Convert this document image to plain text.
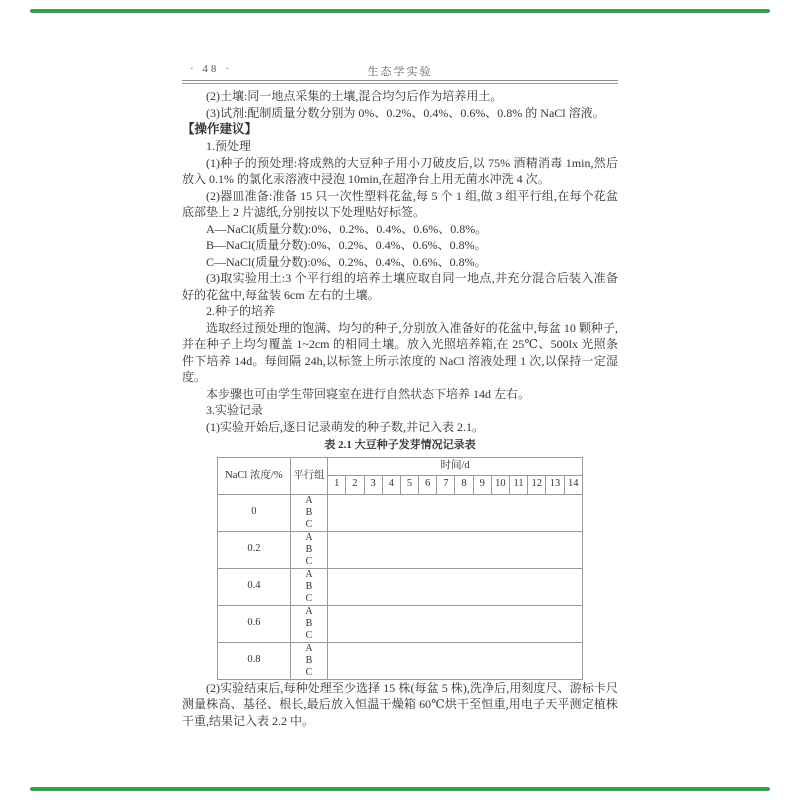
· 48 ·	生态学实验

(2)土壤:同一地点采集的土壤,混合均匀后作为培养用土。

(3)试剂:配制质量分数分别为 0%、0.2%、0.4%、0.6%、0.8% 的 NaCl 溶液。

【操作建议】

1.预处理

(1)种子的预处理:将成熟的大豆种子用小刀破皮后,以 75% 酒精消毒 1min,然后放入 0.1% 的氯化汞溶液中浸泡 10min,在超净台上用无菌水冲洗 4 次。

(2)器皿准备:准备 15 只一次性塑料花盆,每 5 个 1 组,做 3 组平行组,在每个花盆底部垫上 2 片滤纸,分别按以下处理贴好标签。

A—NaCl(质量分数):0%、0.2%、0.4%、0.6%、0.8%。

B—NaCl(质量分数):0%、0.2%、0.4%、0.6%、0.8%。

C—NaCl(质量分数):0%、0.2%、0.4%、0.6%、0.8%。

(3)取实验用土:3 个平行组的培养土壤应取自同一地点,并充分混合后装入准备好的花盆中,每盆装 6cm 左右的土壤。

2.种子的培养

选取经过预处理的饱满、均匀的种子,分别放入准备好的花盆中,每盆 10 颗种子,并在种子上均匀覆盖 1~2cm 的相同土壤。放入光照培养箱,在 25℃、500lx 光照条件下培养 14d。每间隔 24h,以标签上所示浓度的 NaCl 溶液处理 1 次,以保持一定湿度。

本步骤也可由学生带回寝室在进行自然状态下培养 14d 左右。

3.实验记录

(1)实验开始后,逐日记录萌发的种子数,并记入表 2.1。

表 2.1 大豆种子发芽情况记录表
NaCl 浓度/%	平行组	时间/d													
		1	2	3	4	5	6	7	8	9	10	11	12	13	14
0	A
B
C														

0.2	A
B
C														

0.4	A
B
C														

0.6	A
B
C														

0.8	A
B
C														

(2)实验结束后,每种处理至少选择 15 株(每盆 5 株),洗净后,用刻度尺、游标卡尺测量株高、基径、根长,最后放入恒温干燥箱 60℃烘干至恒重,用电子天平测定植株干重,结果记入表 2.2 中。
